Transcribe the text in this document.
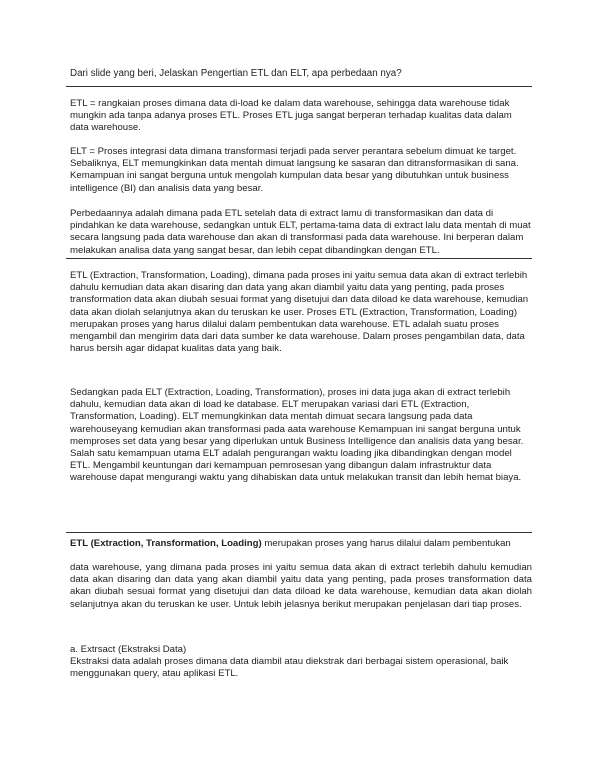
Dari slide yang beri, Jelaskan Pengertian ETL dan ELT, apa perbedaan nya?

ETL = rangkaian proses dimana data di-load ke dalam data warehouse, sehingga data warehouse tidak mungkin ada tanpa adanya proses ETL. Proses ETL juga sangat berperan terhadap kualitas data dalam data warehouse.

ELT = Proses integrasi data dimana transformasi terjadi pada server perantara sebelum dimuat ke target. Sebaliknya, ELT memungkinkan data mentah dimuat langsung ke sasaran dan ditransformasikan di sana. Kemampuan ini sangat berguna untuk mengolah kumpulan data besar yang dibutuhkan untuk business intelligence (BI) dan analisis data yang besar.

Perbedaannya adalah dimana pada ETL setelah data di extract lamu di transformasikan dan data di pindahkan ke data warehouse, sedangkan untuk ELT, pertama-tama data di extract lalu data mentah di muat secara langsung pada data warehouse dan akan di transformasi pada data warehouse. Ini berperan dalam melakukan analisa data yang sangat besar, dan lebih cepat dibandingkan dengan ETL.

ETL (Extraction, Transformation, Loading), dimana pada proses ini yaitu semua data akan di extract terlebih dahulu kemudian data akan disaring dan data yang akan diambil yaitu data yang penting, pada proses transformation data akan diubah sesuai format yang disetujui dan data diload ke data warehouse, kemudian data akan diolah selanjutnya akan du teruskan ke user. Proses ETL (Extraction, Transformation, Loading) merupakan proses yang harus dilalui dalam pembentukan data warehouse. ETL adalah suatu proses mengambil dan mengirim data dari data sumber ke data warehouse. Dalam proses pengambilan data, data harus bersih agar didapat kualitas data yang baik.

Sedangkan pada ELT (Extraction, Loading, Transformation), proses ini data juga akan di extract terlebih dahulu, kemudian data akan di load ke database. ELT merupakan variasi dari ETL (Extraction, Transformation, Loading). ELT memungkinkan data mentah dimuat secara langsung pada data warehouseyang kemudian akan transformasi pada aata warehouse Kemampuan ini sangat berguna untuk memproses set data yang besar yang diperlukan untuk Business Intelligence dan analisis data yang besar. Salah satu kemampuan utama ELT adalah pengurangan waktu loading jika dibandingkan dengan model ETL. Mengambil keuntungan dari kemampuan pemrosesan yang dibangun dalam infrastruktur data warehouse dapat mengurangi waktu yang dihabiskan data untuk melakukan transit dan lebih hemat biaya.

ETL (Extraction, Transformation, Loading) merupakan proses yang harus dilalui dalam pembentukan

data warehouse, yang dimana pada proses ini yaitu semua data akan di extract terlebih dahulu kemudian data akan disaring dan data yang akan diambil yaitu data yang penting, pada proses transformation data akan diubah sesuai format yang disetujui dan data diload ke data warehouse, kemudian data akan diolah selanjutnya akan du teruskan ke user. Untuk lebih jelasnya berikut merupakan penjelasan dari tiap proses.

a. Extrsact (Ekstraksi Data)

Ekstraksi data adalah proses dimana data diambil atau diekstrak dari berbagai sistem operasional, baik menggunakan query, atau aplikasi ETL.
